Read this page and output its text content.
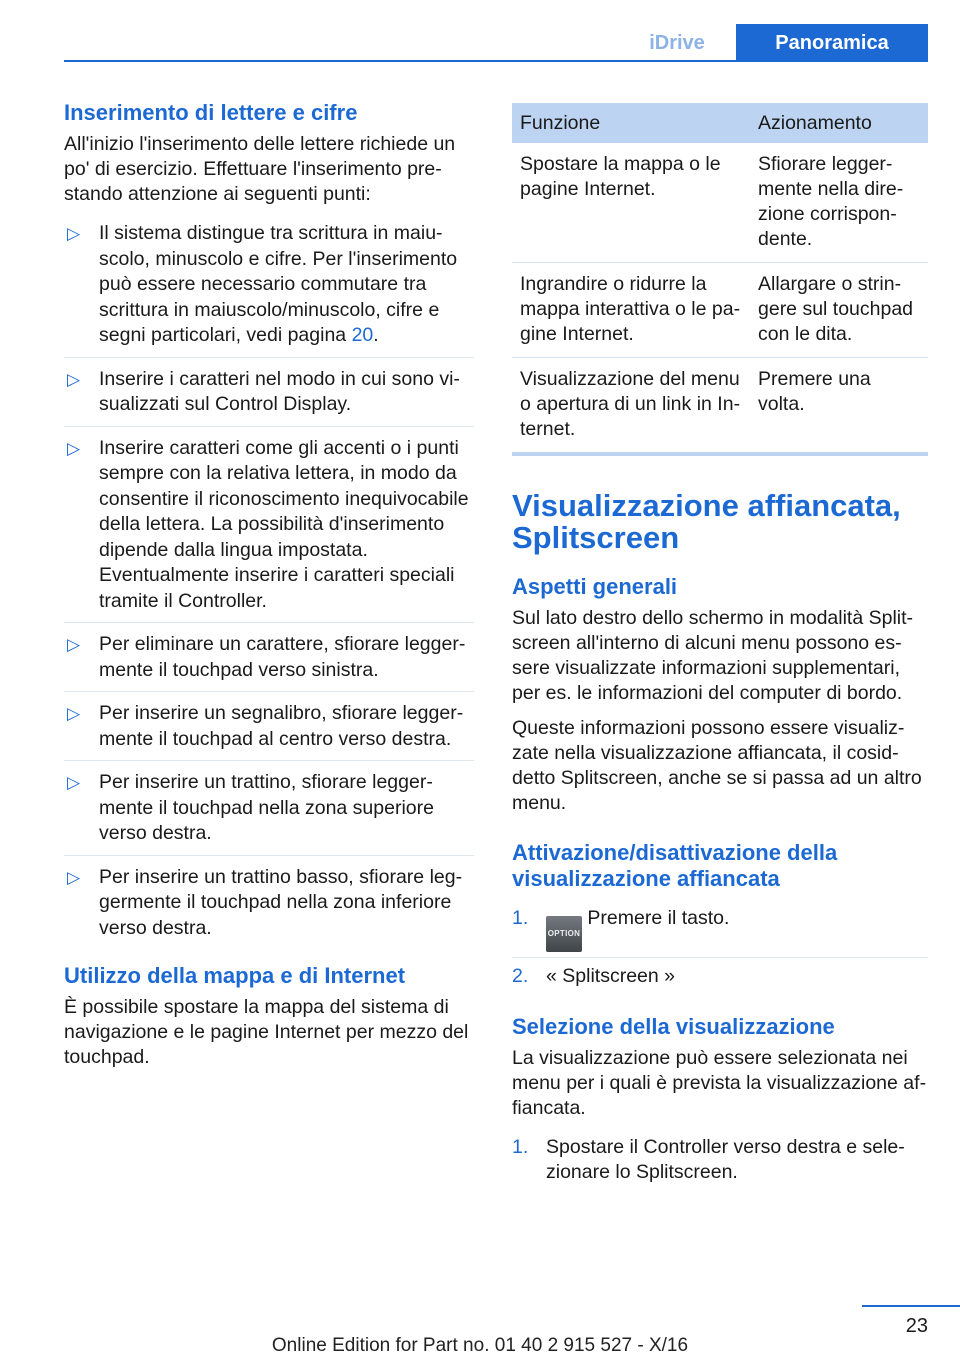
iDrive	Panoramica
Inserimento di lettere e cifre

All'inizio l'inserimento delle lettere richiede un po' di esercizio. Effettuare l'inserimento prestando attenzione ai seguenti punti:

▷ Il sistema distingue tra scrittura in maiuscolo, minuscolo e cifre. Per l'inserimento può essere necessario commutare tra scrittura in maiuscolo/minuscolo, cifre e segni particolari, vedi pagina 20.
▷ Inserire i caratteri nel modo in cui sono visualizzati sul Control Display.
▷ Inserire caratteri come gli accenti o i punti sempre con la relativa lettera, in modo da consentire il riconoscimento inequivocabile della lettera. La possibilità d'inserimento dipende dalla lingua impostata. Eventualmente inserire i caratteri speciali tramite il Controller.
▷ Per eliminare un carattere, sfiorare leggermente il touchpad verso sinistra.
▷ Per inserire un segnalibro, sfiorare leggermente il touchpad al centro verso destra.
▷ Per inserire un trattino, sfiorare leggermente il touchpad nella zona superiore verso destra.
▷ Per inserire un trattino basso, sfiorare leggermente il touchpad nella zona inferiore verso destra.
Utilizzo della mappa e di Internet

È possibile spostare la mappa del sistema di navigazione e le pagine Internet per mezzo del touchpad.

Funzione	Azionamento
Spostare la mappa o le pagine Internet.	Sfiorare leggermente nella direzione corrispondente.
Ingrandire o ridurre la mappa interattiva o le pagine Internet.	Allargare o stringere sul touchpad con le dita.
Visualizzazione del menu o apertura di un link in Internet.	Premere una volta.
Visualizzazione affiancata, Splitscreen
Aspetti generali

Sul lato destro dello schermo in modalità Splitscreen all'interno di alcuni menu possono essere visualizzate informazioni supplementari, per es. le informazioni del computer di bordo.

Queste informazioni possono essere visualizzate nella visualizzazione affiancata, il cosiddetto Splitscreen, anche se si passa ad un altro menu.

Attivazione/disattivazione della visualizzazione affiancata
1.
OPTION Premere il tasto.
2. « Splitscreen »
Selezione della visualizzazione

La visualizzazione può essere selezionata nei menu per i quali è prevista la visualizzazione affiancata.

1. Spostare il Controller verso destra e selezionare lo Splitscreen.
23
Online Edition for Part no. 01 40 2 915 527 - X/16
